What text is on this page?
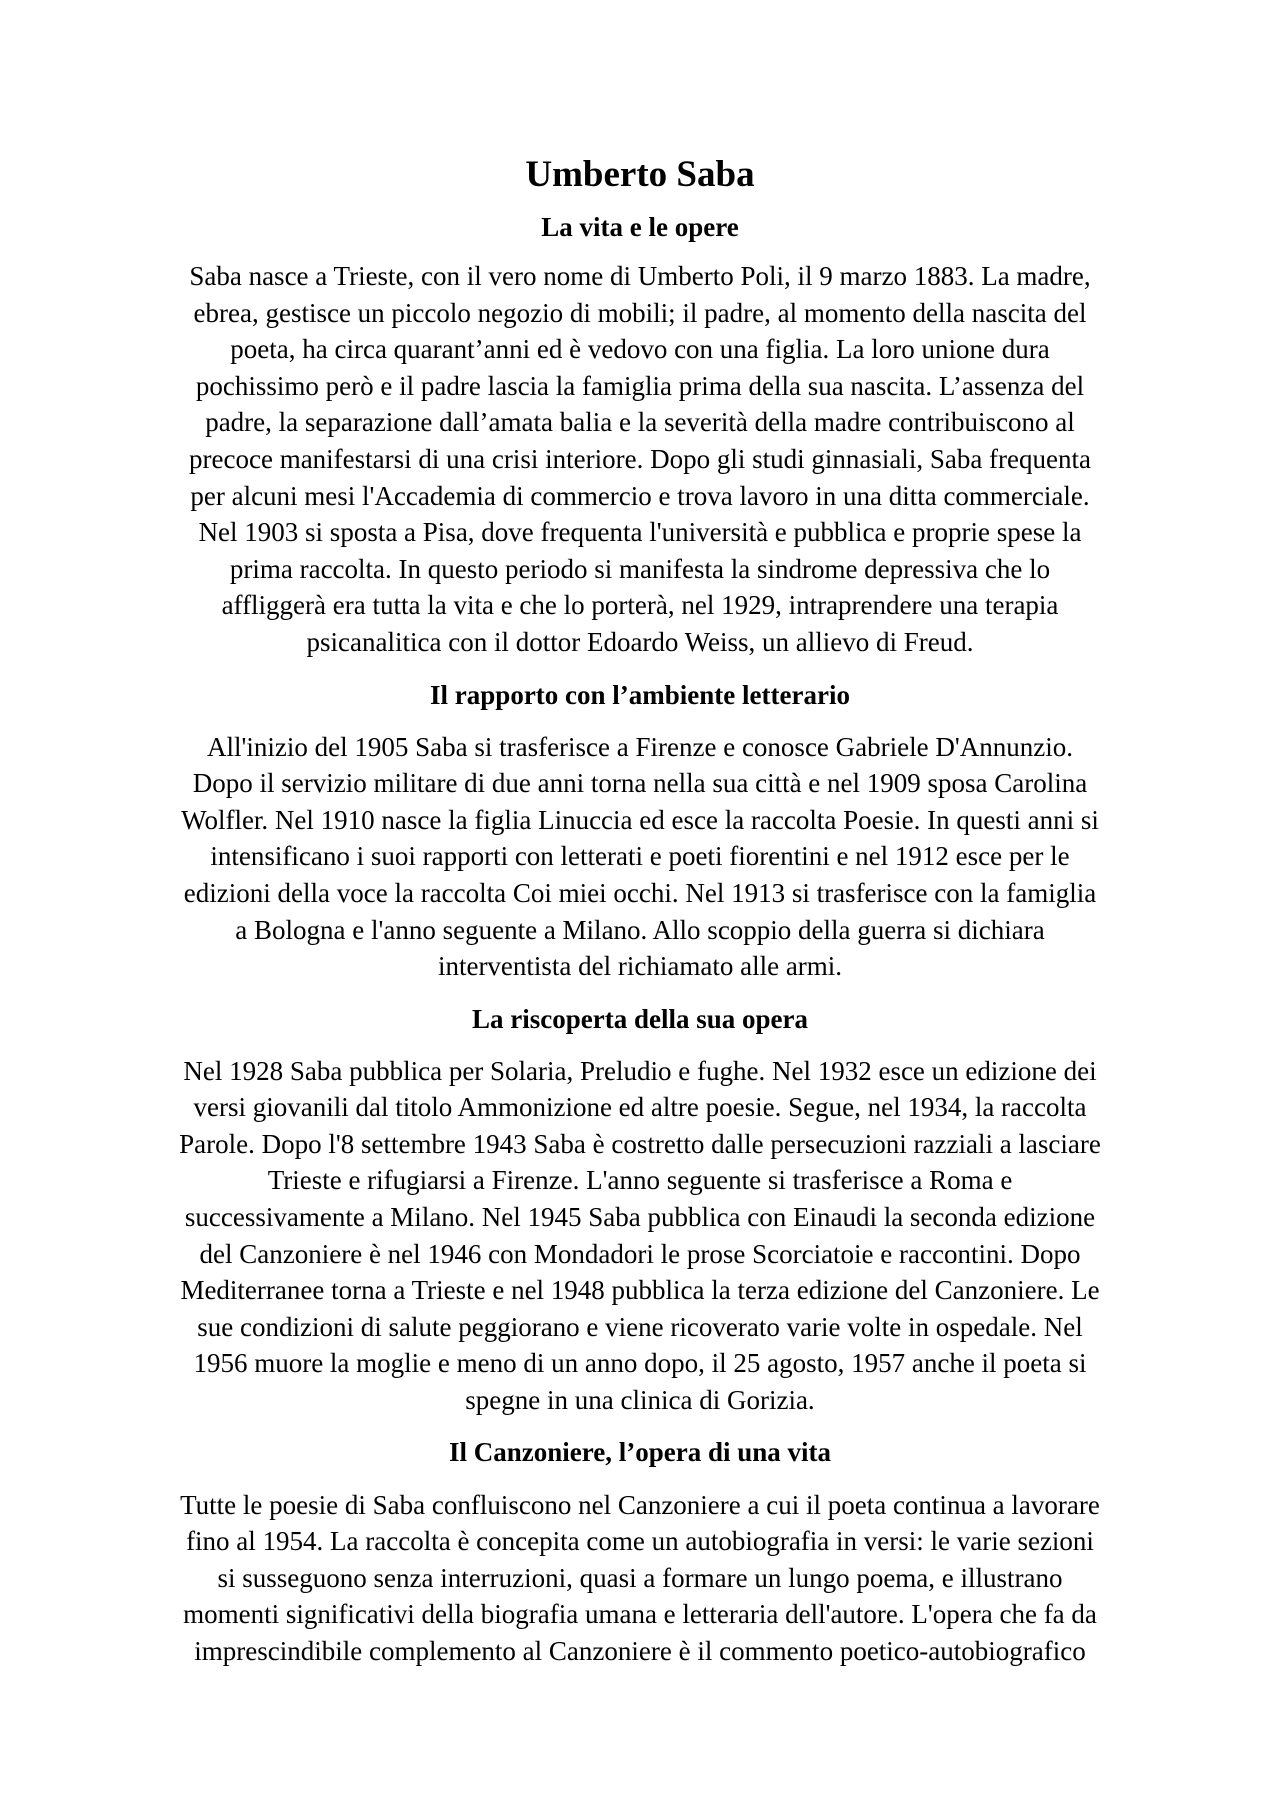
Umberto Saba
La vita e le opere

Saba nasce a Trieste, con il vero nome di Umberto Poli, il 9 marzo 1883. La madre,
ebrea, gestisce un piccolo negozio di mobili; il padre, al momento della nascita del
poeta, ha circa quarant’anni ed è vedovo con una figlia. La loro unione dura
pochissimo però e il padre lascia la famiglia prima della sua nascita. L’assenza del
padre, la separazione dall’amata balia e la severità della madre contribuiscono al
precoce manifestarsi di una crisi interiore. Dopo gli studi ginnasiali, Saba frequenta
per alcuni mesi l'Accademia di commercio e trova lavoro in una ditta commerciale.
Nel 1903 si sposta a Pisa, dove frequenta l'università e pubblica e proprie spese la
prima raccolta. In questo periodo si manifesta la sindrome depressiva che lo
affliggerà era tutta la vita e che lo porterà, nel 1929, intraprendere una terapia
psicanalitica con il dottor Edoardo Weiss, un allievo di Freud.

Il rapporto con l’ambiente letterario

All'inizio del 1905 Saba si trasferisce a Firenze e conosce Gabriele D'Annunzio.
Dopo il servizio militare di due anni torna nella sua città e nel 1909 sposa Carolina
Wolfler. Nel 1910 nasce la figlia Linuccia ed esce la raccolta Poesie. In questi anni si
intensificano i suoi rapporti con letterati e poeti fiorentini e nel 1912 esce per le
edizioni della voce la raccolta Coi miei occhi. Nel 1913 si trasferisce con la famiglia
a Bologna e l'anno seguente a Milano. Allo scoppio della guerra si dichiara
interventista del richiamato alle armi.

La riscoperta della sua opera

Nel 1928 Saba pubblica per Solaria, Preludio e fughe. Nel 1932 esce un edizione dei
versi giovanili dal titolo Ammonizione ed altre poesie. Segue, nel 1934, la raccolta
Parole. Dopo l'8 settembre 1943 Saba è costretto dalle persecuzioni razziali a lasciare
Trieste e rifugiarsi a Firenze. L'anno seguente si trasferisce a Roma e
successivamente a Milano. Nel 1945 Saba pubblica con Einaudi la seconda edizione
del Canzoniere è nel 1946 con Mondadori le prose Scorciatoie e raccontini. Dopo
Mediterranee torna a Trieste e nel 1948 pubblica la terza edizione del Canzoniere. Le
sue condizioni di salute peggiorano e viene ricoverato varie volte in ospedale. Nel
1956 muore la moglie e meno di un anno dopo, il 25 agosto, 1957 anche il poeta si
spegne in una clinica di Gorizia.

Il Canzoniere, l’opera di una vita

Tutte le poesie di Saba confluiscono nel Canzoniere a cui il poeta continua a lavorare
fino al 1954. La raccolta è concepita come un autobiografia in versi: le varie sezioni
si susseguono senza interruzioni, quasi a formare un lungo poema, e illustrano
momenti significativi della biografia umana e letteraria dell'autore. L'opera che fa da
imprescindibile complemento al Canzoniere è il commento poetico-autobiografico
